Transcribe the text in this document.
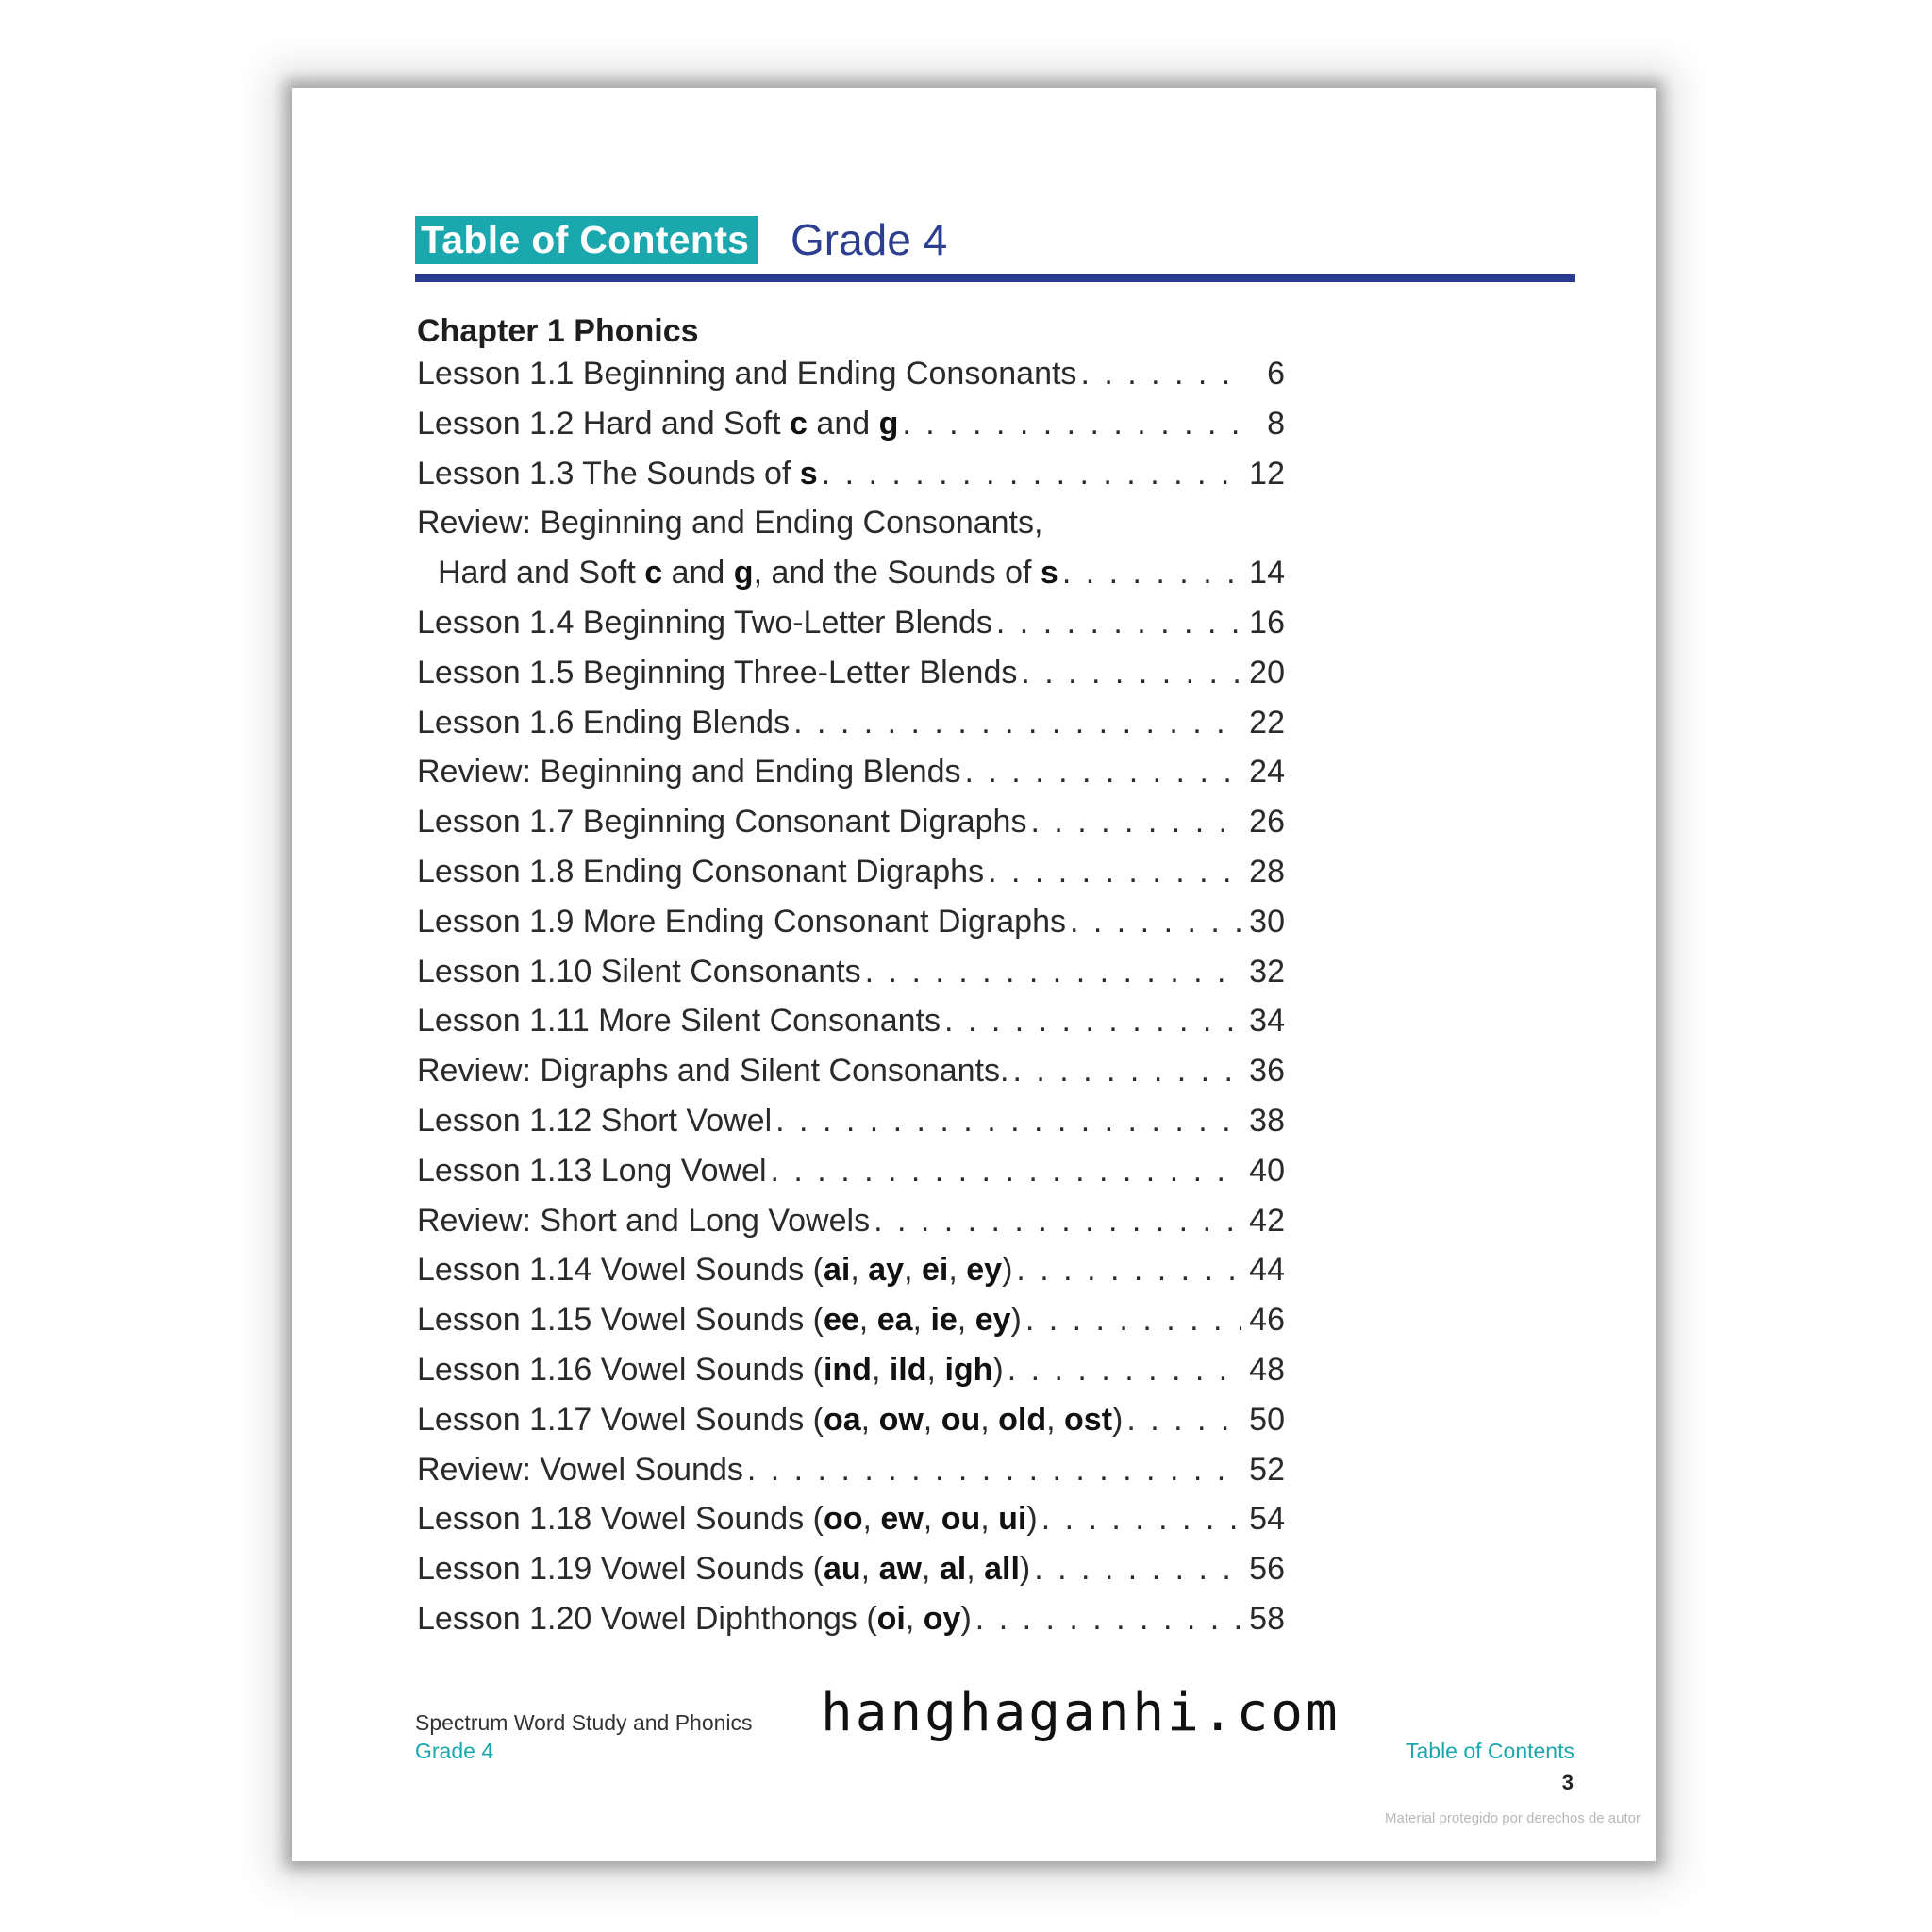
Table of Contents Grade 4
Chapter 1 Phonics
Lesson 1.1 Beginning and Ending Consonants . . .	6
Lesson 1.2 Hard and Soft c and g . . .	8
Lesson 1.3 The Sounds of s . . .	12
Review: Beginning and Ending Consonants,
Hard and Soft c and g, and the Sounds of s . . .	14
Lesson 1.4 Beginning Two-Letter Blends . . .	16
Lesson 1.5 Beginning Three-Letter Blends . . .	20
Lesson 1.6 Ending Blends . . .	22
Review: Beginning and Ending Blends . . .	24
Lesson 1.7 Beginning Consonant Digraphs . . .	26
Lesson 1.8 Ending Consonant Digraphs . . .	28
Lesson 1.9 More Ending Consonant Digraphs . . .	30
Lesson 1.10 Silent Consonants . . .	32
Lesson 1.11 More Silent Consonants . . .	34
Review: Digraphs and Silent Consonants. . . .	36
Lesson 1.12 Short Vowel . . .	38
Lesson 1.13 Long Vowel . . .	40
Review: Short and Long Vowels . . .	42
Lesson 1.14 Vowel Sounds (ai, ay, ei, ey) . . .	44
Lesson 1.15 Vowel Sounds (ee, ea, ie, ey) . . .	46
Lesson 1.16 Vowel Sounds (ind, ild, igh) . . .	48
Lesson 1.17 Vowel Sounds (oa, ow, ou, old, ost) . . .	50
Review: Vowel Sounds . . .	52
Lesson 1.18 Vowel Sounds (oo, ew, ou, ui) . . .	54
Lesson 1.19 Vowel Sounds (au, aw, al, all) . . .	56
Lesson 1.20 Vowel Diphthongs (oi, oy) . . .	58
Spectrum Word Study and Phonics
Grade 4
hanghaganhi.com
Table of Contents
3
Material protegido por derechos de autor
